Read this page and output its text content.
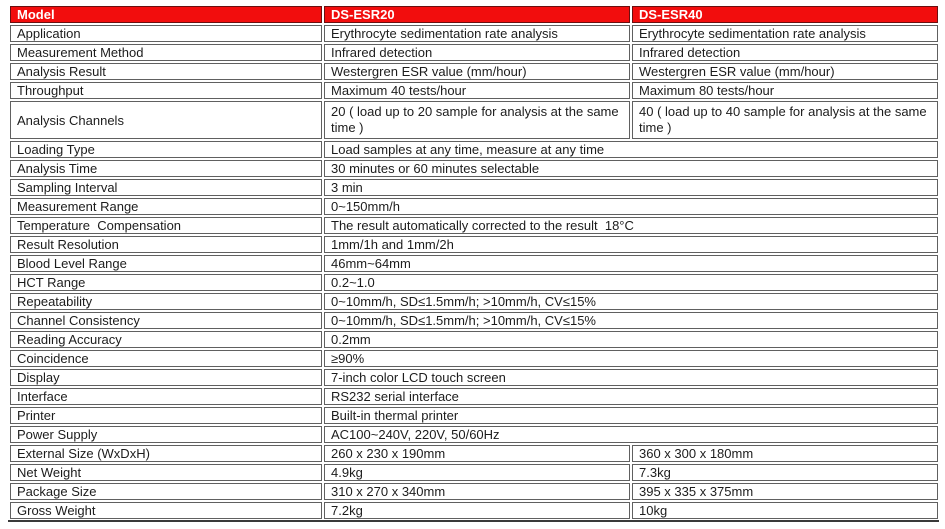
Model	DS-ESR20	DS-ESR40
Application	Erythrocyte sedimentation rate analysis	Erythrocyte sedimentation rate analysis
Measurement Method	Infrared detection	Infrared detection
Analysis Result	Westergren ESR value (mm/hour)	Westergren ESR value (mm/hour)
Throughput	Maximum 40 tests/hour	Maximum 80 tests/hour
Analysis Channels	20 ( load up to 20 sample for analysis at the same time )	40 ( load up to 40 sample for analysis at the same time )
Loading Type	Load samples at any time, measure at any time	
Analysis Time	30 minutes or 60 minutes selectable	
Sampling Interval	3 min	
Measurement Range	0~150mm/h	
Temperature  Compensation	The result automatically corrected to the result  18°C	
Result Resolution	1mm/1h and 1mm/2h	
Blood Level Range	46mm~64mm	
HCT Range	0.2~1.0	
Repeatability	0~10mm/h, SD≤1.5mm/h; >10mm/h, CV≤15%	
Channel Consistency	0~10mm/h, SD≤1.5mm/h; >10mm/h, CV≤15%	
Reading Accuracy	0.2mm	
Coincidence	≥90%	
Display	7-inch color LCD touch screen	
Interface	RS232 serial interface	
Printer	Built-in thermal printer	
Power Supply	AC100~240V, 220V, 50/60Hz	
External Size (WxDxH)	260 x 230 x 190mm	360 x 300 x 180mm
Net Weight	4.9kg	7.3kg
Package Size	310 x 270 x 340mm	395 x 335 x 375mm
Gross Weight	7.2kg	10kg
